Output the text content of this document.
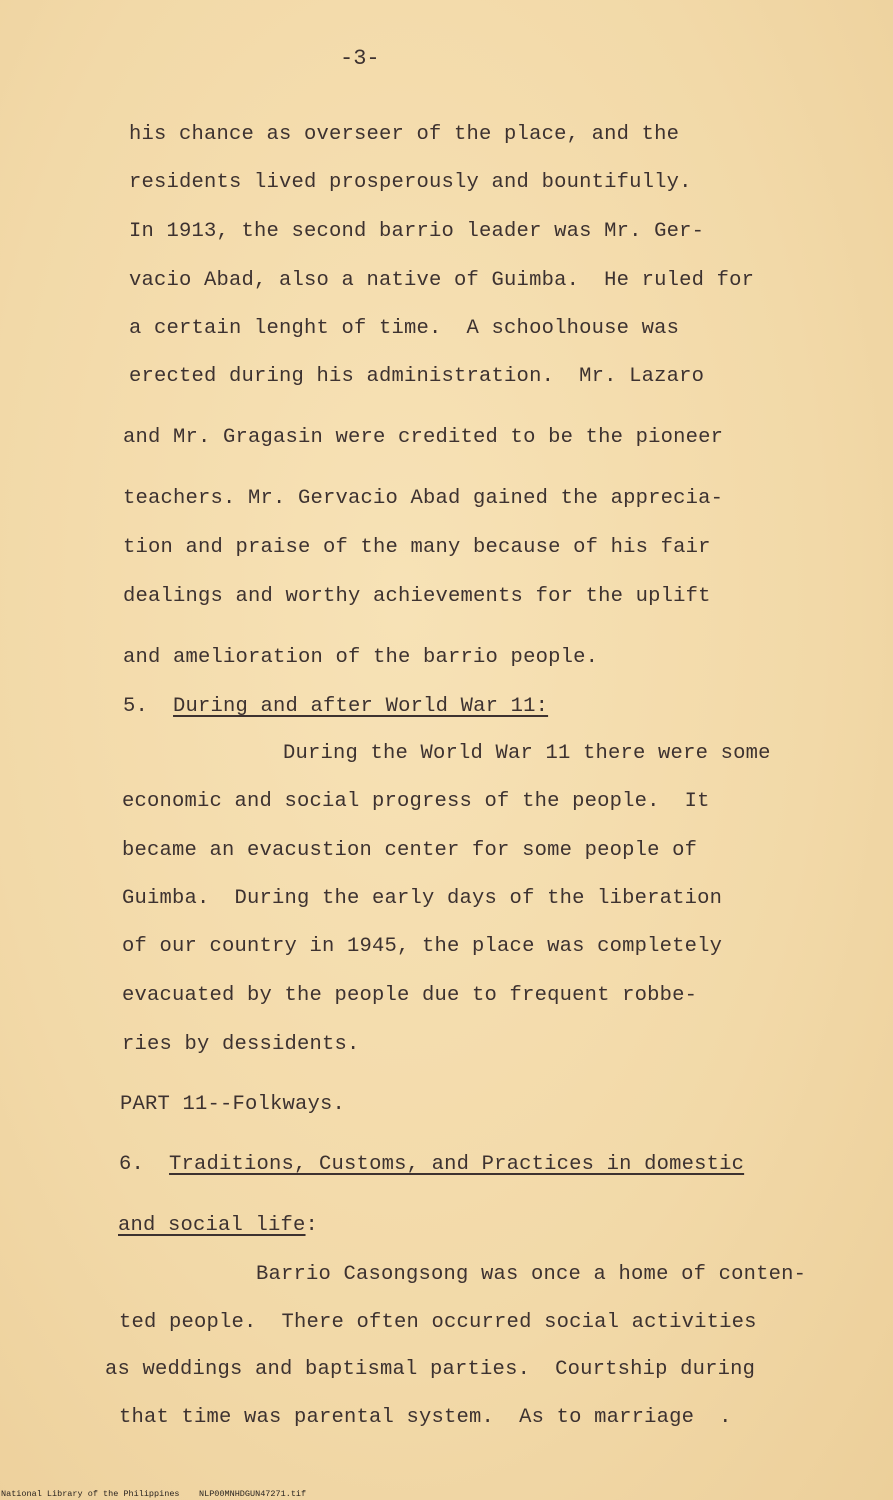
-3-
his chance as overseer of the place, and the
residents lived prosperously and bountifully.
In 1913, the second barrio leader was Mr. Ger-
vacio Abad, also a native of Guimba.  He ruled for
a certain lenght of time.  A schoolhouse was
erected during his administration.  Mr. Lazaro
and Mr. Gragasin were credited to be the pioneer
teachers. Mr. Gervacio Abad gained the apprecia-
tion and praise of the many because of his fair
dealings and worthy achievements for the uplift
and amelioration of the barrio people.
5. During and after World War 11:
During the World War 11 there were some
economic and social progress of the people.  It
became an evacustion center for some people of
Guimba.  During the early days of the liberation
of our country in 1945, the place was completely
evacuated by the people due to frequent robbe-
ries by dessidents.
PART 11--Folkways.
6. Traditions, Customs, and Practices in domestic
and social life:
Barrio Casongsong was once a home of conten-
ted people.  There often occurred social activities
as weddings and baptismal parties.  Courtship during
that time was parental system.  As to marriage  .
National Library of the Philippines NLP00MNHDGUN47271.tif
